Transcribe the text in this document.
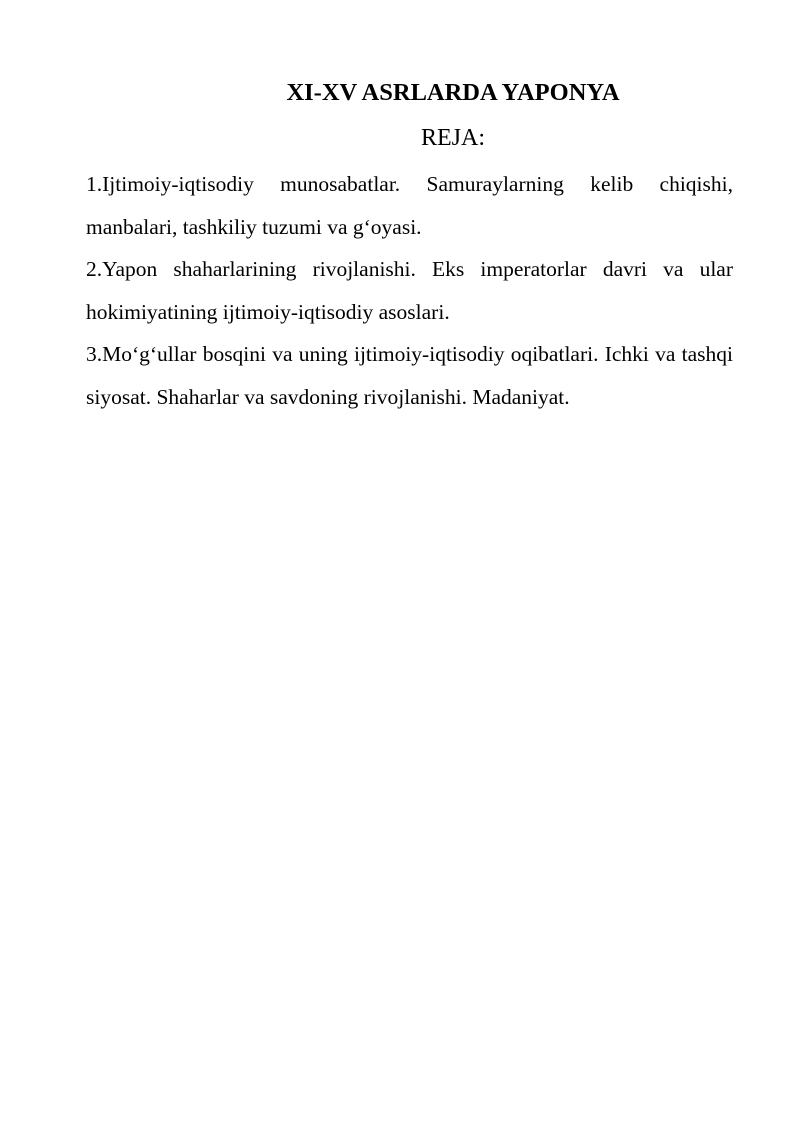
XI-XV ASRLARDA YAPONYA
REJA:

1.Ijtimoiy-iqtisodiy munosabatlar. Samuraylarning kelib chiqishi, manbalari, tashkiliy tuzumi va g‘oyasi.

2.Yapon shaharlarining rivojlanishi. Eks imperatorlar davri va ular hokimiyatining ijtimoiy-iqtisodiy asoslari.

3.Mo‘g‘ullar bosqini va uning ijtimoiy-iqtisodiy oqibatlari. Ichki va tashqi siyosat. Shaharlar va savdoning rivojlanishi. Madaniyat.
